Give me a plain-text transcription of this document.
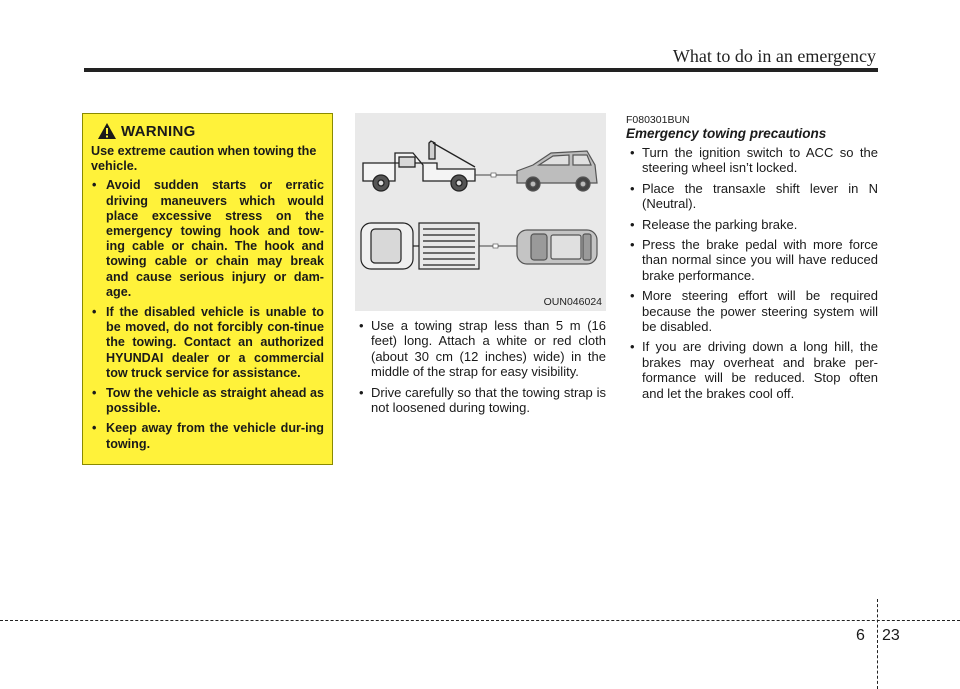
What to do in an emergency
WARNING

Use extreme caution when towing the vehicle.

• Avoid sudden starts or erratic driving maneuvers which would place excessive stress on the emergency towing hook and tow-ing cable or chain. The hook and towing cable or chain may break and cause serious injury or dam-age.
• If the disabled vehicle is unable to be moved, do not forcibly con-tinue the towing. Contact an authorized HYUNDAI dealer or a commercial tow truck service for assistance.
• Tow the vehicle as straight ahead as possible.
• Keep away from the vehicle dur-ing towing.
OUN046024
• Use a towing strap less than 5 m (16 feet) long. Attach a white or red cloth (about 30 cm (12 inches) wide) in the middle of the strap for easy visibility.
• Drive carefully so that the towing strap is not loosened during towing.
F080301BUN
Emergency towing precautions
• Turn the ignition switch to ACC so the steering wheel isn’t locked.
• Place the transaxle shift lever in N (Neutral).
• Release the parking brake.
• Press the brake pedal with more force than normal since you will have reduced brake performance.
• More steering effort will be required because the power steering system will be disabled.
• If you are driving down a long hill, the brakes may overheat and brake per-formance will be reduced. Stop often and let the brakes cool off.
6 23
